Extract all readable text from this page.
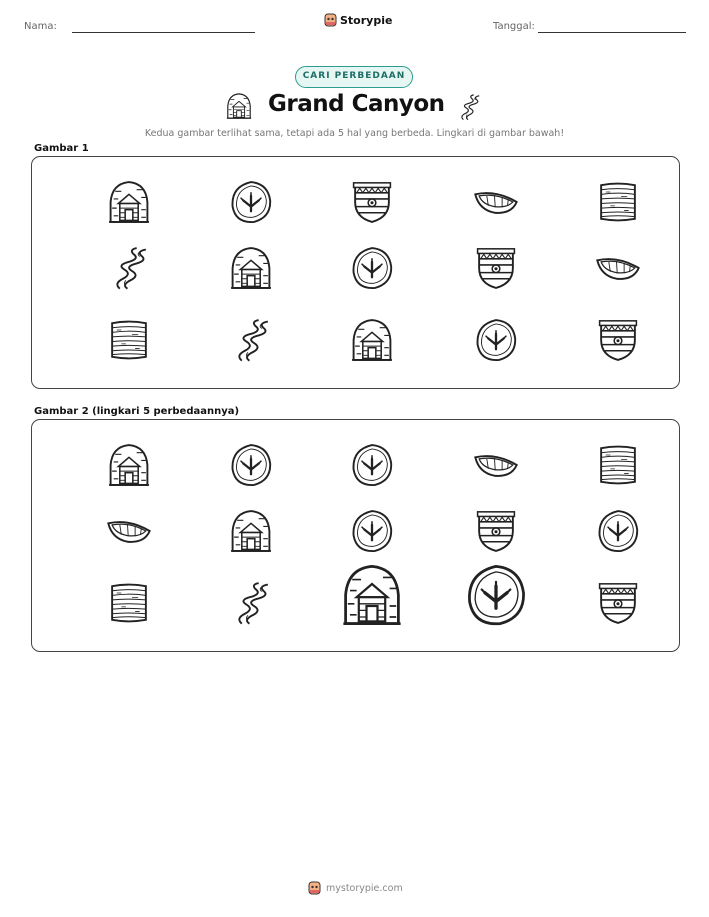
Nama:	Storypie	Tanggal:
CARI PERBEDAAN
Grand Canyon
Kedua gambar terlihat sama, tetapi ada 5 hal yang berbeda. Lingkari di gambar bawah!
Gambar 1
Gambar 2 (lingkari 5 perbedaannya)
mystorypie.com
